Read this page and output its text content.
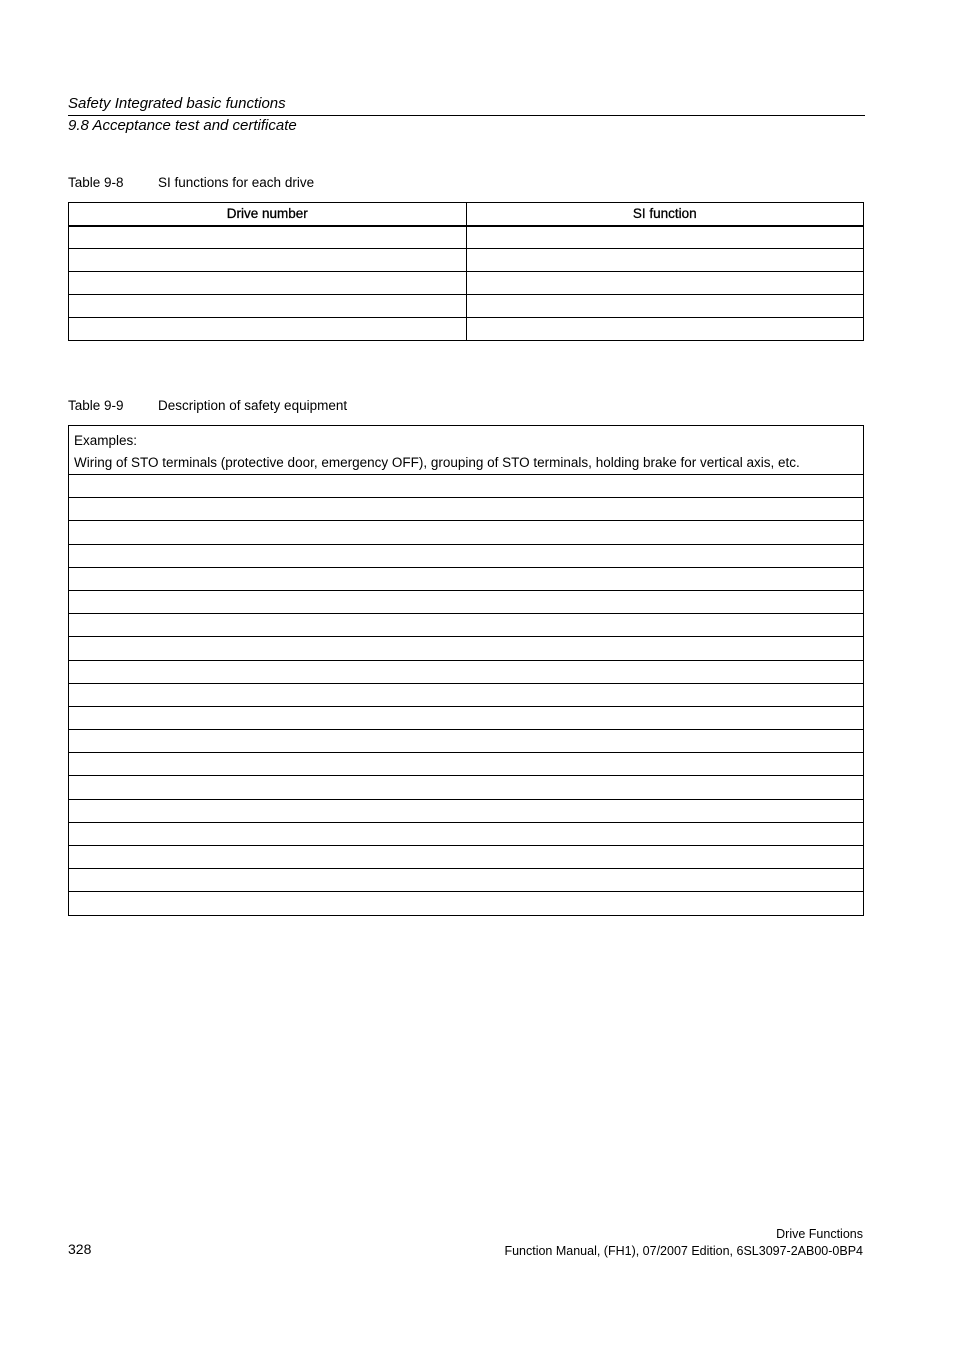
Safety Integrated basic functions
9.8 Acceptance test and certificate
Table 9-8	SI functions for each drive
Drive number	SI function

Table 9-9	Description of safety equipment
Examples:
Wiring of STO terminals (protective door, emergency OFF), grouping of STO terminals, holding brake for vertical axis, etc.

Drive Functions
Function Manual, (FH1), 07/2007 Edition, 6SL3097-2AB00-0BP4
328
